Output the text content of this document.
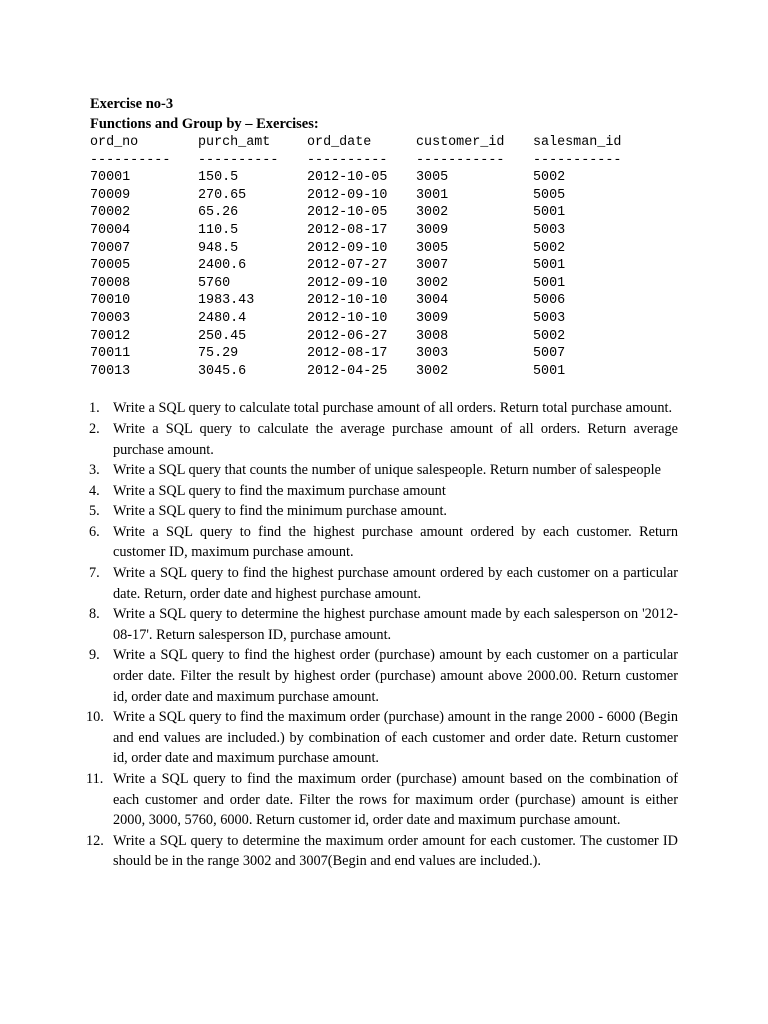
Exercise no-3
Functions and Group by – Exercises:
ord_no	purch_amt	ord_date	customer_id	salesman_id
----------	----------	----------	-----------	-----------
70001	150.5	2012-10-05	3005	5002
70009	270.65	2012-09-10	3001	5005
70002	65.26	2012-10-05	3002	5001
70004	110.5	2012-08-17	3009	5003
70007	948.5	2012-09-10	3005	5002
70005	2400.6	2012-07-27	3007	5001
70008	5760	2012-09-10	3002	5001
70010	1983.43	2012-10-10	3004	5006
70003	2480.4	2012-10-10	3009	5003
70012	250.45	2012-06-27	3008	5002
70011	75.29	2012-08-17	3003	5007
70013	3045.6	2012-04-25	3002	5001
1. Write a SQL query to calculate total purchase amount of all orders. Return total purchase amount.
2. Write a SQL query to calculate the average purchase amount of all orders. Return average purchase amount.
3. Write a SQL query that counts the number of unique salespeople. Return number of salespeople
4. Write a SQL query to find the maximum purchase amount
5. Write a SQL query to find the minimum purchase amount.
6. Write a SQL query to find the highest purchase amount ordered by each customer. Return customer ID, maximum purchase amount.
7. Write a SQL query to find the highest purchase amount ordered by each customer on a particular date. Return, order date and highest purchase amount.
8. Write a SQL query to determine the highest purchase amount made by each salesperson on '2012-08-17'. Return salesperson ID, purchase amount.
9. Write a SQL query to find the highest order (purchase) amount by each customer on a particular order date. Filter the result by highest order (purchase) amount above 2000.00. Return customer id, order date and maximum purchase amount.
10. Write a SQL query to find the maximum order (purchase) amount in the range 2000 - 6000 (Begin and end values are included.) by combination of each customer and order date. Return customer id, order date and maximum purchase amount.
11. Write a SQL query to find the maximum order (purchase) amount based on the combination of each customer and order date. Filter the rows for maximum order (purchase) amount is either 2000, 3000, 5760, 6000. Return customer id, order date and maximum purchase amount.
12. Write a SQL query to determine the maximum order amount for each customer. The customer ID should be in the range 3002 and 3007(Begin and end values are included.).
